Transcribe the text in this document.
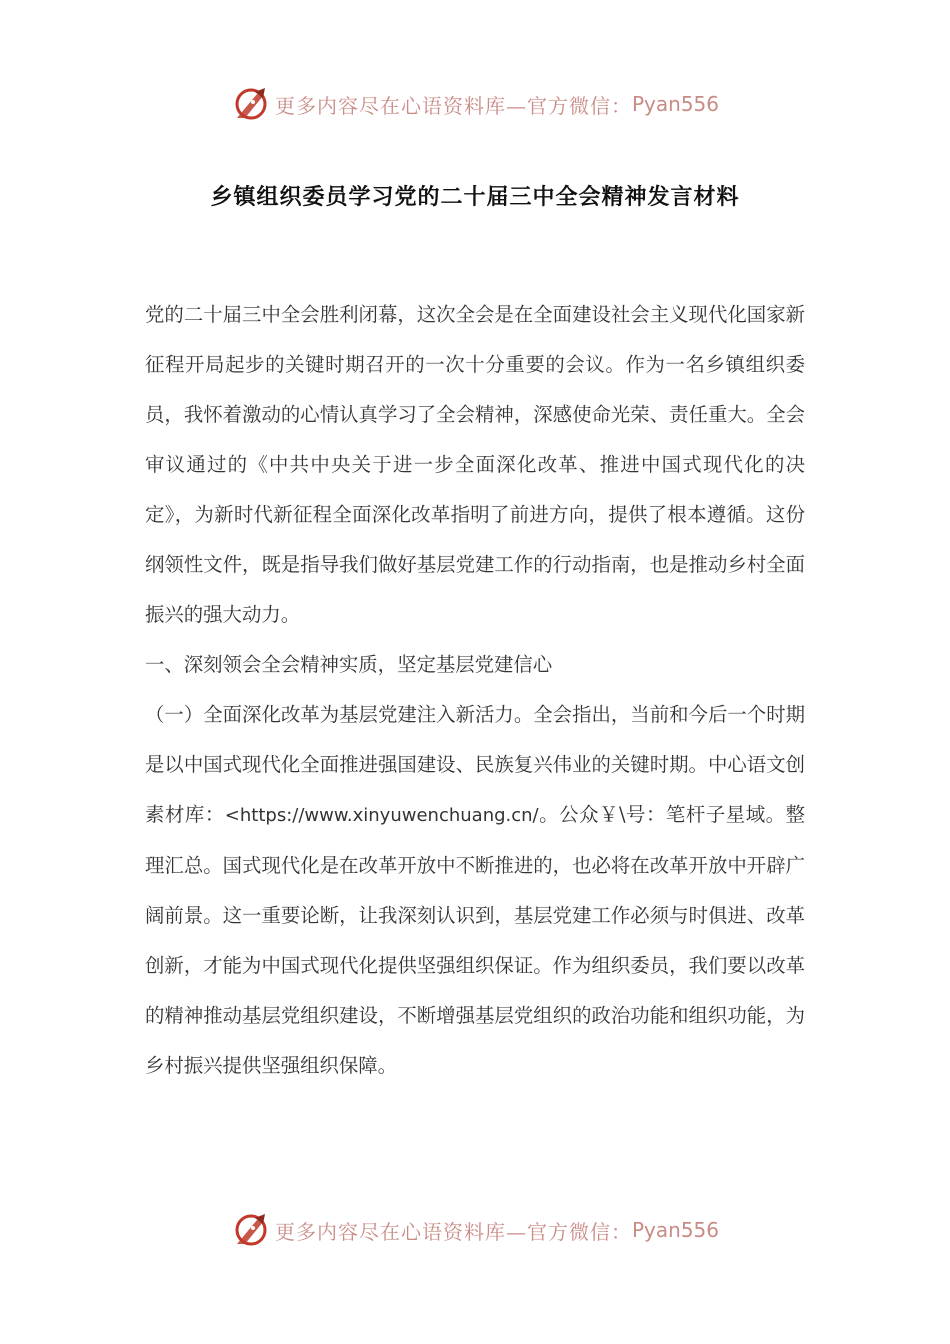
更多内容尽在心语资料库—官方微信： Pyan556
乡镇组织委员学习党的二十届三中全会精神发言材料

党的二十届三中全会胜利闭幕，这次全会是在全面建设社会主义现代化国家新征程开局起步的关键时期召开的一次十分重要的会议。作为一名乡镇组织委员，我怀着激动的心情认真学习了全会精神，深感使命光荣、责任重大。全会审议通过的《中共中央关于进一步全面深化改革、推进中国式现代化的决定》，为新时代新征程全面深化改革指明了前进方向，提供了根本遵循。这份纲领性文件，既是指导我们做好基层党建工作的行动指南，也是推动乡村全面振兴的强大动力。

一、深刻领会全会精神实质，坚定基层党建信心

（一）全面深化改革为基层党建注入新活力。全会指出，当前和今后一个时期是以中国式现代化全面推进强国建设、民族复兴伟业的关键时期。中心语文创素材库：<https://www.xinyuwenchuang.cn/。公众￥\号：笔杆子星域。整理汇总。国式现代化是在改革开放中不断推进的，也必将在改革开放中开辟广阔前景。这一重要论断，让我深刻认识到，基层党建工作必须与时俱进、改革创新，才能为中国式现代化提供坚强组织保证。作为组织委员，我们要以改革的精神推动基层党组织建设，不断增强基层党组织的政治功能和组织功能，为乡村振兴提供坚强组织保障。

更多内容尽在心语资料库—官方微信： Pyan556
